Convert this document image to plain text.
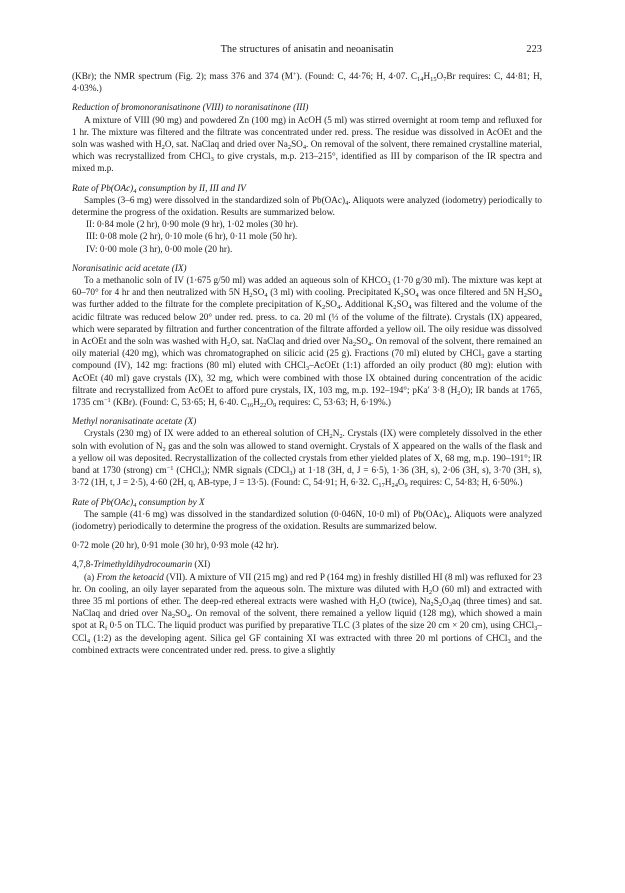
The structures of anisatin and neoanisatin	223

(KBr); the NMR spectrum (Fig. 2); mass 376 and 374 (M+). (Found: C, 44·76; H, 4·07. $C_{14}H_{15}O_7Br$ requires: C, 44·81; H, 4·03%.)

Reduction of bromonoranisatinone (VIII) to noranisatinone (III)

A mixture of VIII (90 mg) and powdered Zn (100 mg) in AcOH (5 ml) was stirred overnight at room temp and refluxed for 1 hr. The mixture was filtered and the filtrate was concentrated under red. press. The residue was dissolved in AcOEt and the soln was washed with $H_2O$, sat. NaClaq and dried over $Na_2SO_4$. On removal of the solvent, there remained crystalline material, which was recrystallized from CHCl$_3$ to give crystals, m.p. 213–215°, identified as III by comparison of the IR spectra and mixed m.p.

Rate of $Pb(OAc)_4$ consumption by II, III and IV

Samples (3–6 mg) were dissolved in the standardized soln of $Pb(OAc)_4$. Aliquots were analyzed (iodometry) periodically to determine the progress of the oxidation. Results are summarized below.

II: 0·84 mole (2 hr), 0·90 mole (9 hr), 1·02 moles (30 hr).

III: 0·08 mole (2 hr), 0·10 mole (6 hr), 0·11 mole (50 hr).

IV: 0·00 mole (3 hr), 0·00 mole (20 hr).

Noranisatinic acid acetate (IX)

To a methanolic soln of IV (1·675 g/50 ml) was added an aqueous soln of $KHCO_3$ (1·70 g/30 ml). The mixture was kept at 60–70° for 4 hr and then neutralized with 5N $H_2SO_4$ (3 ml) with cooling. Precipitated $K_2SO_4$ was once filtered and 5N $H_2SO_4$ was further added to the filtrate for the complete precipitation of $K_2SO_4$. Additional $K_2SO_4$ was filtered and the volume of the acidic filtrate was reduced below 20° under red. press. to ca. 20 ml (⅓ of the volume of the filtrate). Crystals (IX) appeared, which were separated by filtration and further concentration of the filtrate afforded a yellow oil. The oily residue was dissolved in AcOEt and the soln was washed with $H_2O$, sat. NaClaq and dried over $Na_2SO_4$. On removal of the solvent, there remained an oily material (420 mg), which was chromatographed on silicic acid (25 g). Fractions (70 ml) eluted by CHCl$_3$ gave a starting compound (IV), 142 mg: fractions (80 ml) eluted with CHCl$_3$–AcOEt (1:1) afforded an oily product (80 mg): elution with AcOEt (40 ml) gave crystals (IX), 32 mg, which were combined with those IX obtained during concentration of the acidic filtrate and recrystallized from AcOEt to afford pure crystals, IX, 103 mg, m.p. 192–194°; pKa′ 3·8 $(H_2O)$; IR bands at 1765, 1735 $cm^{-1}$ (KBr). (Found: C, 53·65; H, 6·40. $C_{16}H_{22}O_9$ requires: C, 53·63; H, 6·19%.)

Methyl noranisatinate acetate (X)

Crystals (230 mg) of IX were added to an ethereal solution of $CH_2N_2$. Crystals (IX) were completely dissolved in the ether soln with evolution of $N_2$ gas and the soln was allowed to stand overnight. Crystals of X appeared on the walls of the flask and a yellow oil was deposited. Recrystallization of the collected crystals from ether yielded plates of X, 68 mg, m.p. 190–191°; IR band at 1730 (strong) $cm^{-1}$ (CHCl$_3$); NMR signals (CDCl$_3$) at 1·18 (3H, d, J = 6·5), 1·36 (3H, s), 2·06 (3H, s), 3·70 (3H, s), 3·72 (1H, t, J = 2·5), 4·60 (2H, q, AB-type, J = 13·5). (Found: C, 54·91; H, 6·32. $C_{17}H_{24}O_9$ requires: C, 54·83; H, 6·50%.)

Rate of $Pb(OAc)_4$ consumption by X

The sample (41·6 mg) was dissolved in the standardized solution (0·046N, 10·0 ml) of $Pb(OAc)_4$. Aliquots were analyzed (iodometry) periodically to determine the progress of the oxidation. Results are summarized below.

0·72 mole (20 hr), 0·91 mole (30 hr), 0·93 mole (42 hr).

4,7,8-Trimethyldihydrocoumarin (XI)

(a) From the ketoacid (VII). A mixture of VII (215 mg) and red P (164 mg) in freshly distilled HI (8 ml) was refluxed for 23 hr. On cooling, an oily layer separated from the aqueous soln. The mixture was diluted with $H_2O$ (60 ml) and extracted with three 35 ml portions of ether. The deep-red ethereal extracts were washed with $H_2O$ (twice), $Na_2S_2O_3aq$ (three times) and sat. NaClaq and dried over $Na_2SO_4$. On removal of the solvent, there remained a yellow liquid (128 mg), which showed a main spot at $R_f$ 0·5 on TLC. The liquid product was purified by preparative TLC (3 plates of the size 20 cm × 20 cm), using CHCl$_3$–CCl$_4$ (1:2) as the developing agent. Silica gel GF containing XI was extracted with three 20 ml portions of CHCl$_3$ and the combined extracts were concentrated under red. press. to give a slightly
